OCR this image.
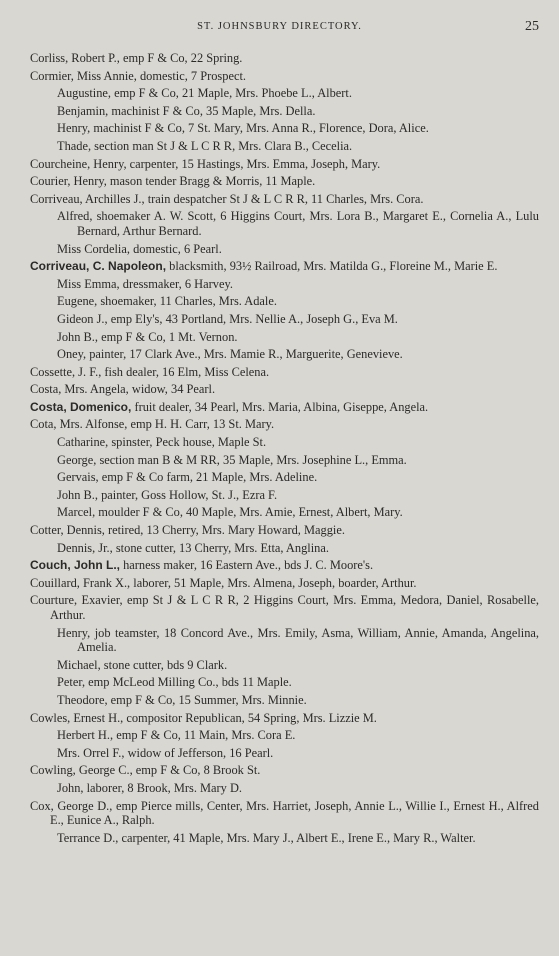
ST. JOHNSBURY DIRECTORY.	25
Corliss, Robert P., emp F & Co, 22 Spring.
Cormier, Miss Annie, domestic, 7 Prospect.
Augustine, emp F & Co, 21 Maple, Mrs. Phoebe L., Albert.
Benjamin, machinist F & Co, 35 Maple, Mrs. Della.
Henry, machinist F & Co, 7 St. Mary, Mrs. Anna R., Florence, Dora, Alice.
Thade, section man St J & L C R R, Mrs. Clara B., Cecelia.
Courcheine, Henry, carpenter, 15 Hastings, Mrs. Emma, Joseph, Mary.
Courier, Henry, mason tender Bragg & Morris, 11 Maple.
Corriveau, Archilles J., train despatcher St J & L C R R, 11 Charles, Mrs. Cora.
Alfred, shoemaker A. W. Scott, 6 Higgins Court, Mrs. Lora B., Margaret E., Cornelia A., Lulu Bernard, Arthur Bernard.
Miss Cordelia, domestic, 6 Pearl.
Corriveau, C. Napoleon, blacksmith, 93½ Railroad, Mrs. Matilda G., Floreine M., Marie E.
Miss Emma, dressmaker, 6 Harvey.
Eugene, shoemaker, 11 Charles, Mrs. Adale.
Gideon J., emp Ely's, 43 Portland, Mrs. Nellie A., Joseph G., Eva M.
John B., emp F & Co, 1 Mt. Vernon.
Oney, painter, 17 Clark Ave., Mrs. Mamie R., Marguerite, Genevieve.
Cossette, J. F., fish dealer, 16 Elm, Miss Celena.
Costa, Mrs. Angela, widow, 34 Pearl.
Costa, Domenico, fruit dealer, 34 Pearl, Mrs. Maria, Albina, Giseppe, Angela.
Cota, Mrs. Alfonse, emp H. H. Carr, 13 St. Mary.
Catharine, spinster, Peck house, Maple St.
George, section man B & M RR, 35 Maple, Mrs. Josephine L., Emma.
Gervais, emp F & Co farm, 21 Maple, Mrs. Adeline.
John B., painter, Goss Hollow, St. J., Ezra F.
Marcel, moulder F & Co, 40 Maple, Mrs. Amie, Ernest, Albert, Mary.
Cotter, Dennis, retired, 13 Cherry, Mrs. Mary Howard, Maggie.
Dennis, Jr., stone cutter, 13 Cherry, Mrs. Etta, Anglina.
Couch, John L., harness maker, 16 Eastern Ave., bds J. C. Moore's.
Couillard, Frank X., laborer, 51 Maple, Mrs. Almena, Joseph, boarder, Arthur.
Courture, Exavier, emp St J & L C R R, 2 Higgins Court, Mrs. Emma, Medora, Daniel, Rosabelle, Arthur.
Henry, job teamster, 18 Concord Ave., Mrs. Emily, Asma, William, Annie, Amanda, Angelina, Amelia.
Michael, stone cutter, bds 9 Clark.
Peter, emp McLeod Milling Co., bds 11 Maple.
Theodore, emp F & Co, 15 Summer, Mrs. Minnie.
Cowles, Ernest H., compositor Republican, 54 Spring, Mrs. Lizzie M.
Herbert H., emp F & Co, 11 Main, Mrs. Cora E.
Mrs. Orrel F., widow of Jefferson, 16 Pearl.
Cowling, George C., emp F & Co, 8 Brook St.
John, laborer, 8 Brook, Mrs. Mary D.
Cox, George D., emp Pierce mills, Center, Mrs. Harriet, Joseph, Annie L., Willie I., Ernest H., Alfred E., Eunice A., Ralph.
Terrance D., carpenter, 41 Maple, Mrs. Mary J., Albert E., Irene E., Mary R., Walter.
